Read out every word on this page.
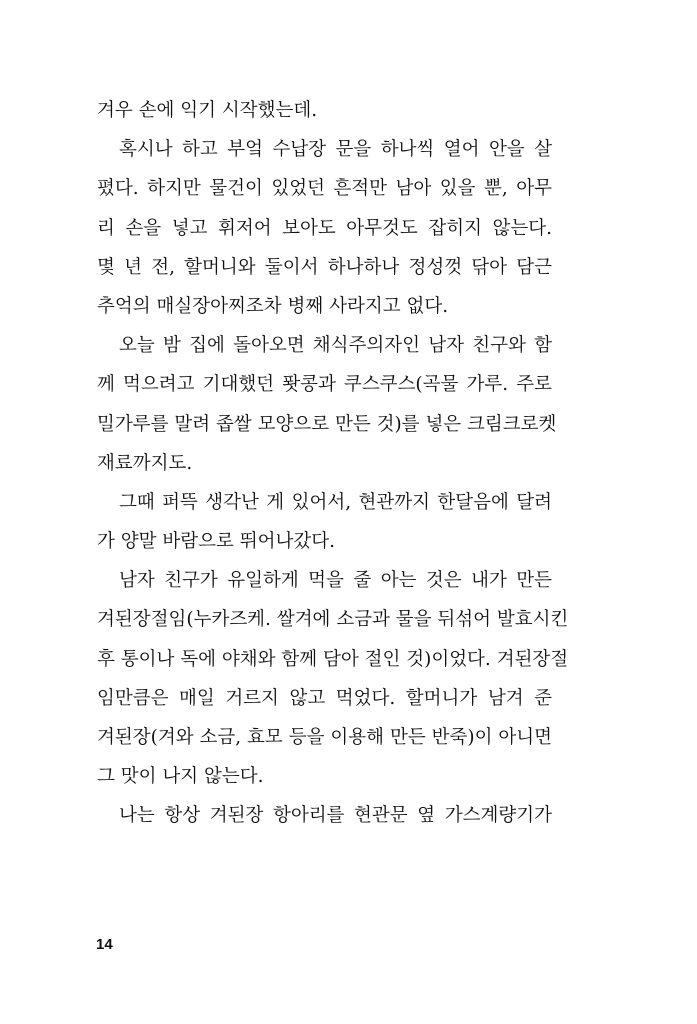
겨우 손에 익기 시작했는데.
혹시나 하고 부엌 수납장 문을 하나씩 열어 안을 살
폈다. 하지만 물건이 있었던 흔적만 남아 있을 뿐, 아무
리 손을 넣고 휘저어 보아도 아무것도 잡히지 않는다.
몇 년 전, 할머니와 둘이서 하나하나 정성껏 닦아 담근
추억의 매실장아찌조차 병째 사라지고 없다.
오늘 밤 집에 돌아오면 채식주의자인 남자 친구와 함
께 먹으려고 기대했던 퐛콩과 쿠스쿠스(곡물 가루. 주로
밀가루를 말려 좁쌀 모양으로 만든 것)를 넣은 크림크로켓
재료까지도.
그때 퍼뜩 생각난 게 있어서, 현관까지 한달음에 달려
가 양말 바람으로 뛰어나갔다.
남자 친구가 유일하게 먹을 줄 아는 것은 내가 만든
겨된장절임(누카즈케. 쌀겨에 소금과 물을 뒤섞어 발효시킨
후 통이나 독에 야채와 함께 담아 절인 것)이었다. 겨된장절
임만큼은 매일 거르지 않고 먹었다. 할머니가 남겨 준
겨된장(겨와 소금, 효모 등을 이용해 만든 반죽)이 아니면
그 맛이 나지 않는다.
나는 항상 겨된장 항아리를 현관문 옆 가스계량기가
14
